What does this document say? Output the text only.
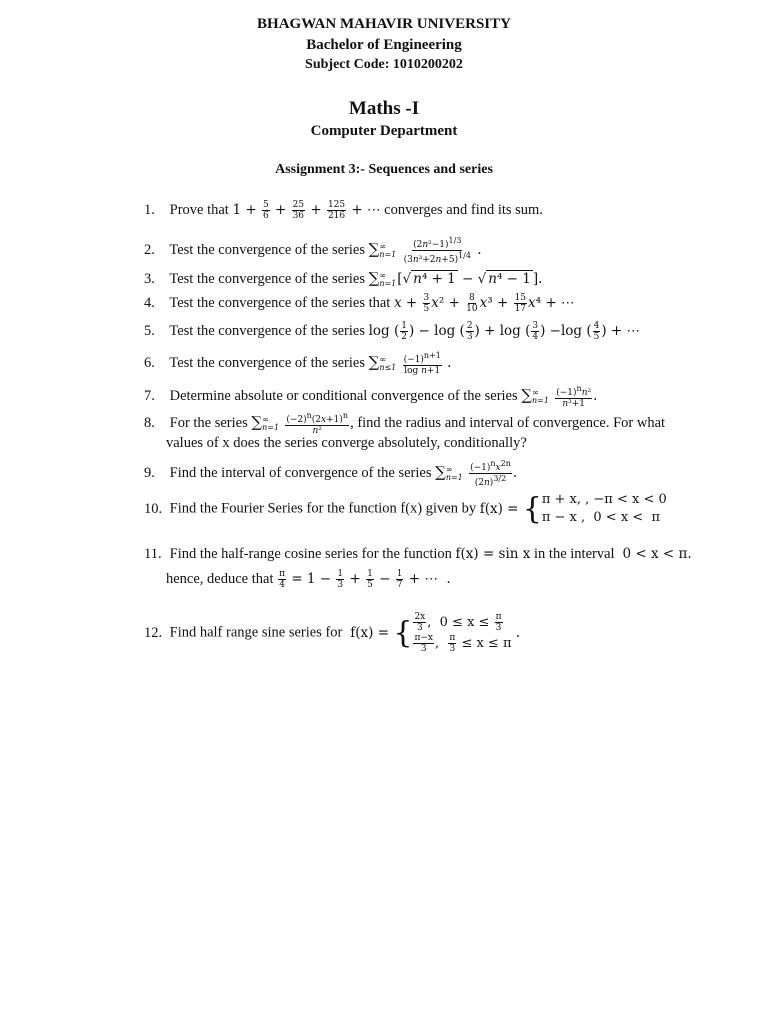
BHAGWAN MAHAVIR UNIVERSITY
Bachelor of Engineering
Subject Code: 1010200202
Maths -I
Computer Department
Assignment 3:- Sequences and series
1. Prove that $1 + \frac{5}{6} + \frac{25}{36} + \frac{125}{216}$ + ⋯ converges and find its sum.
2. Test the convergence of the series ∑ ∞
n=1
$\frac{(2n^2-1)^{1/3}}{(3n^3+2n+5)^{1/4}}$ .
3. Test the convergence of the series ∑ ∞
n=1 [√ n⁴ + 1 − √ n⁴ − 1 ].
4. Test the convergence of the series that $x + \frac{3}{5} x^2 + \frac{8}{10} x^3 + \frac{15}{17} x^4$ + ⋯
5. Test the convergence of the series log ( $\frac{1}{2}$ ) − log ( $\frac{2}{3}$ ) + log ( $\frac{3}{4}$ ) −log ( $\frac{4}{5}$ ) + ⋯
6. Test the convergence of the series ∑ ∞
n≤1
$\frac{(-1)^{n+1}}{\text{log n+1}}$ .
7. Determine absolute or conditional convergence of the series ∑ ∞
n=1
$\frac{(-1)^nn^2}{\text{n³+1}}$ .
8. For the series ∑ ∞
n=1
$\frac{(-2)^n(2x+1)^n}{\text{n²}}$ , find the radius and interval of convergence. For what
values of x does the series converge absolutely, conditionally?
9. Find the interval of convergence of the series ∑ ∞
n=1
$\frac{(-1)^nx^{2n}}{(2n)^{3/2}}$ .
10. Find the Fourier Series for the function f(x) given by f(x) = { π + x, , −π < x < 0
π − x ,  0 < x <  π
11. Find the half-range cosine series for the function f(x) = sin x in the interval  0 < x < π.
hence, deduce that $\frac{\pi}{4} = 1 - \frac{1}{3} + \frac{1}{5} - \frac{1}{7}$ + ⋯  .
12. Find half range sine series for  f(x) = { $\frac{2x}{3}$ ,  $0 \le x \le \frac{\pi}{3}$
$\frac{\pi-x}{3}$ , $\frac{\pi}{3} \le x \le \pi$
.
